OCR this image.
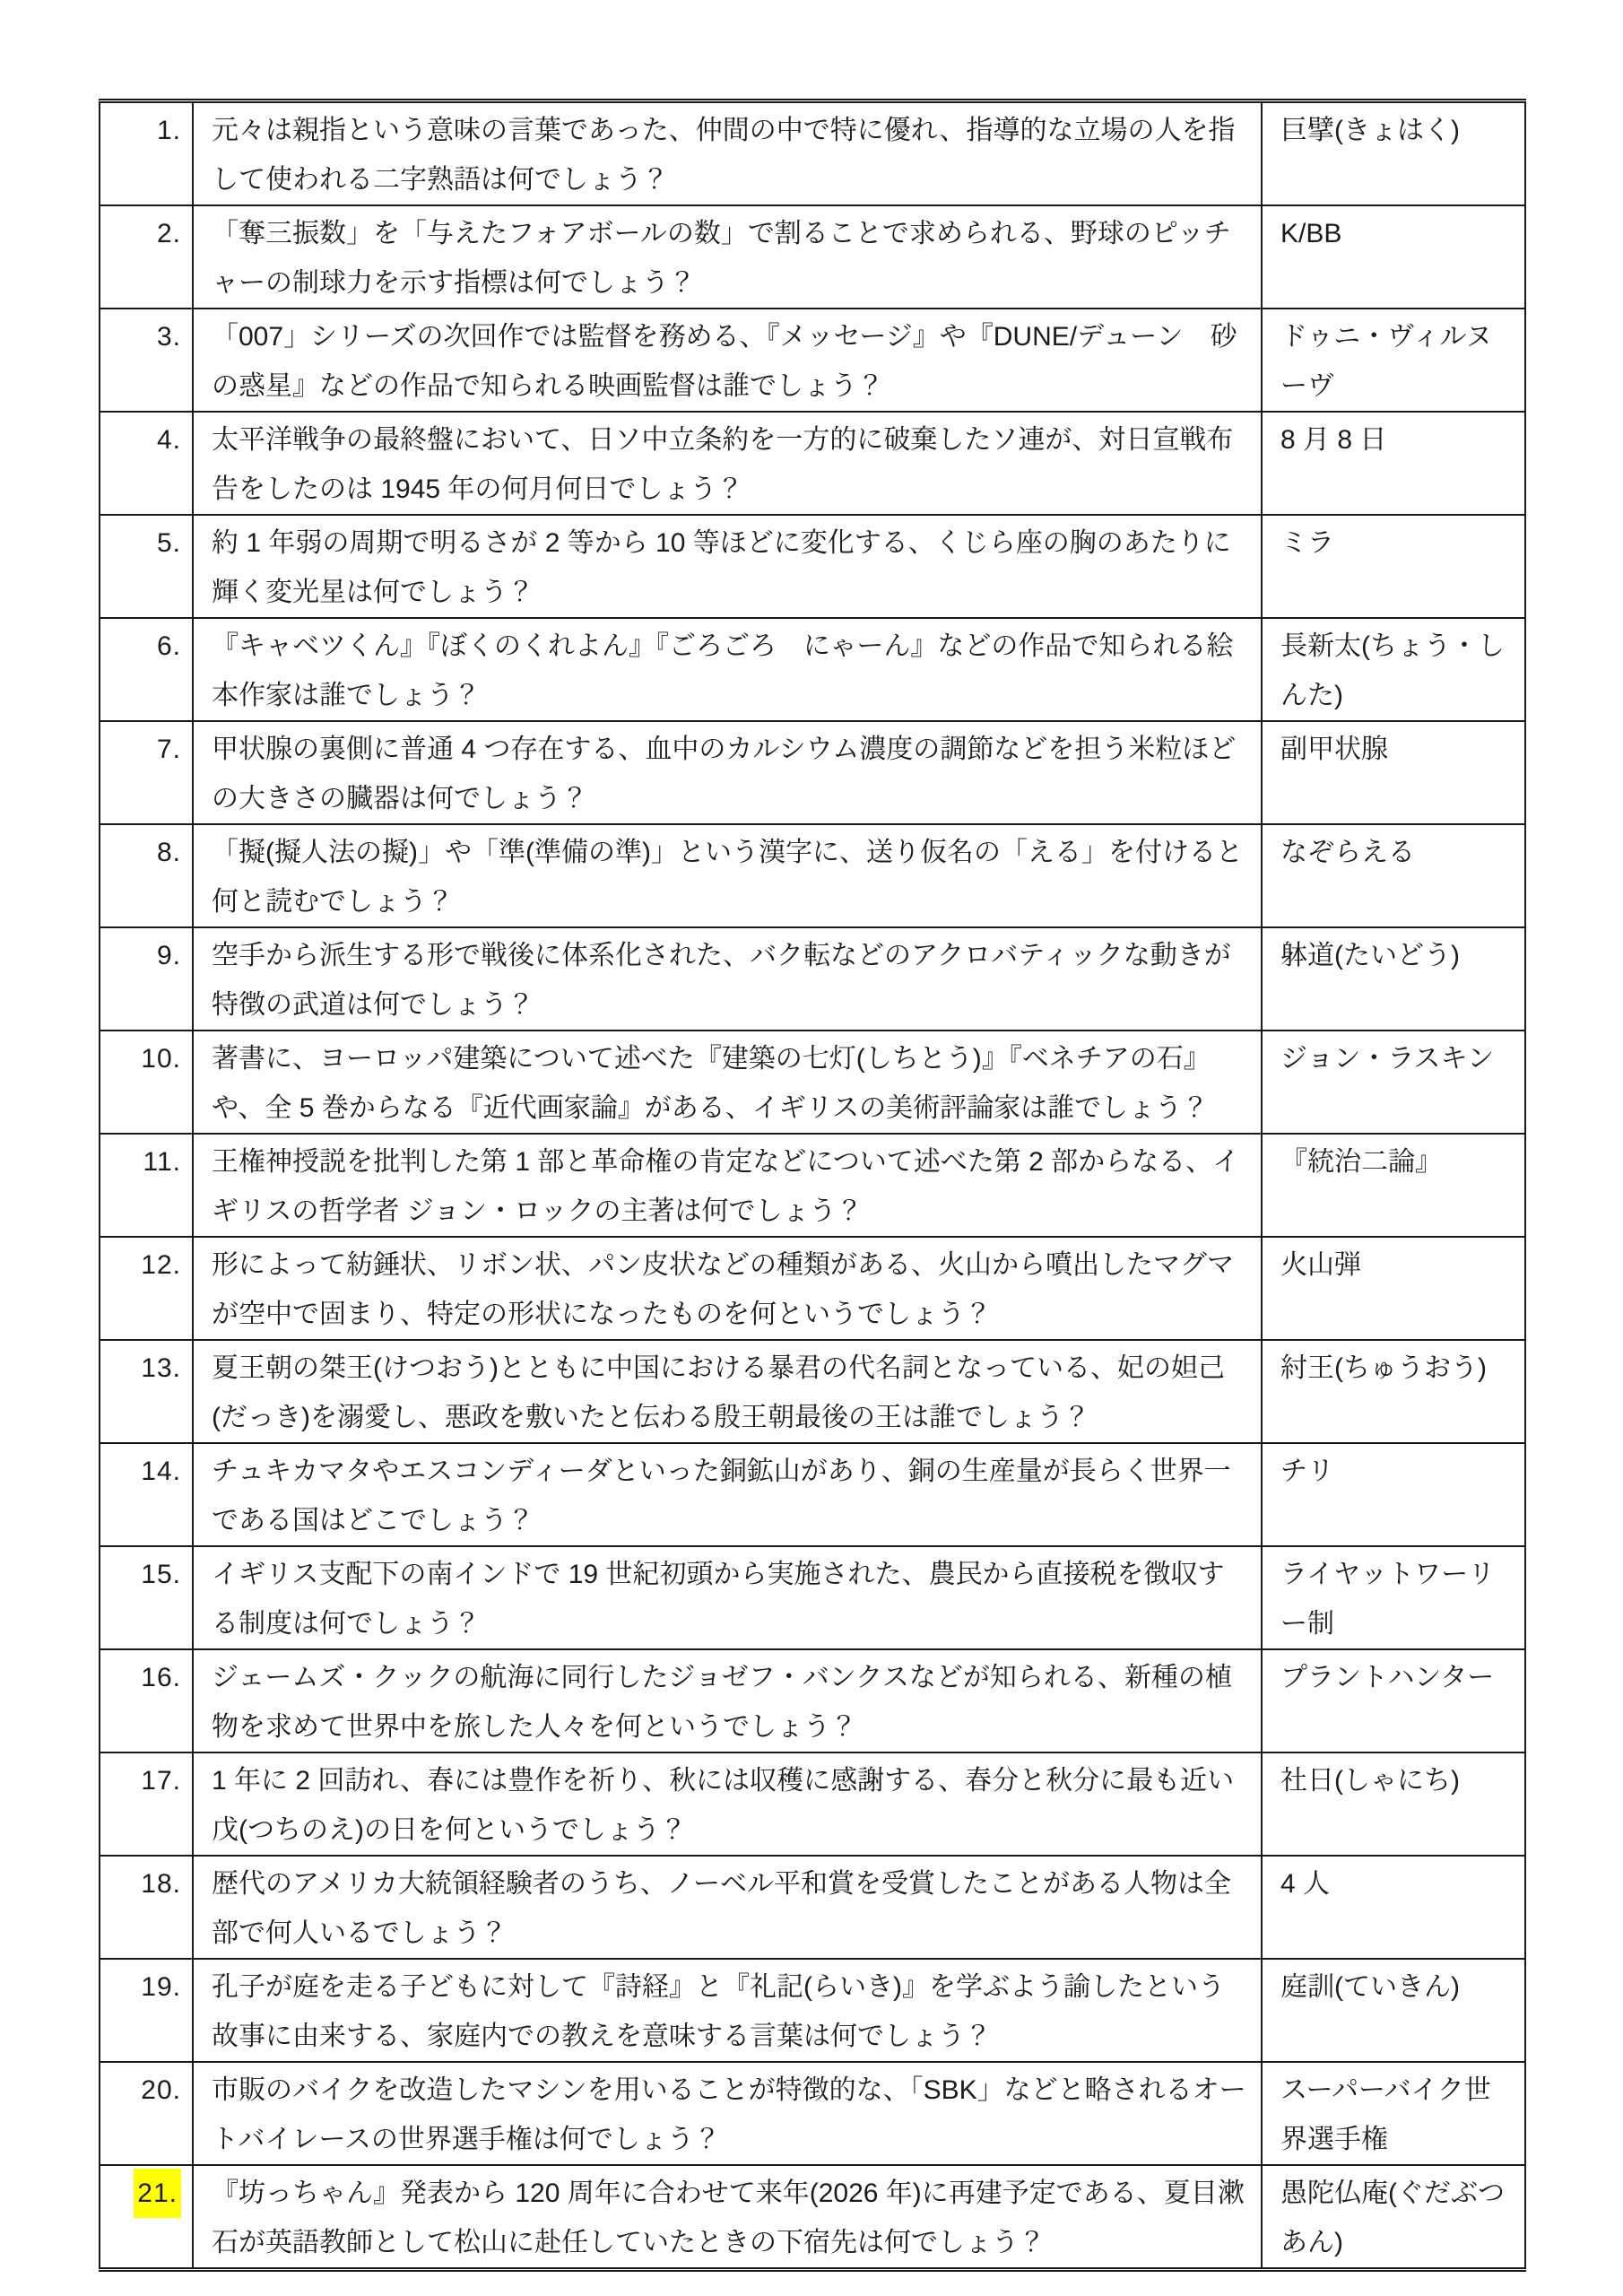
1.	元々は親指という意味の言葉であった、仲間の中で特に優れ、指導的な立場の人を指して使われる二字熟語は何でしょう？	巨擘(きょはく)
2.	「奪三振数」を「与えたフォアボールの数」で割ることで求められる、野球のピッチャーの制球力を示す指標は何でしょう？	K/BB
3.	「007」シリーズの次回作では監督を務める、『メッセージ』や『DUNE/デューン　砂の惑星』などの作品で知られる映画監督は誰でしょう？	ドゥニ・ヴィルヌーヴ
4.	太平洋戦争の最終盤において、日ソ中立条約を一方的に破棄したソ連が、対日宣戦布告をしたのは 1945 年の何月何日でしょう？	8 月 8 日
5.	約 1 年弱の周期で明るさが 2 等から 10 等ほどに変化する、くじら座の胸のあたりに輝く変光星は何でしょう？	ミラ
6.	『キャベツくん』『ぼくのくれよん』『ごろごろ　にゃーん』などの作品で知られる絵本作家は誰でしょう？	長新太(ちょう・しんた)
7.	甲状腺の裏側に普通 4 つ存在する、血中のカルシウム濃度の調節などを担う米粒ほどの大きさの臓器は何でしょう？	副甲状腺
8.	「擬(擬人法の擬)」や「準(準備の準)」という漢字に、送り仮名の「える」を付けると何と読むでしょう？	なぞらえる
9.	空手から派生する形で戦後に体系化された、バク転などのアクロバティックな動きが特徴の武道は何でしょう？	躰道(たいどう)
10.	著書に、ヨーロッパ建築について述べた『建築の七灯(しちとう)』『ベネチアの石』や、全 5 巻からなる『近代画家論』がある、イギリスの美術評論家は誰でしょう？	ジョン・ラスキン
11.	王権神授説を批判した第 1 部と革命権の肯定などについて述べた第 2 部からなる、イギリスの哲学者 ジョン・ロックの主著は何でしょう？	『統治二論』
12.	形によって紡錘状、リボン状、パン皮状などの種類がある、火山から噴出したマグマが空中で固まり、特定の形状になったものを何というでしょう？	火山弾
13.	夏王朝の桀王(けつおう)とともに中国における暴君の代名詞となっている、妃の妲己(だっき)を溺愛し、悪政を敷いたと伝わる殷王朝最後の王は誰でしょう？	紂王(ちゅうおう)
14.	チュキカマタやエスコンディーダといった銅鉱山があり、銅の生産量が長らく世界一である国はどこでしょう？	チリ
15.	イギリス支配下の南インドで 19 世紀初頭から実施された、農民から直接税を徴収する制度は何でしょう？	ライヤットワーリー制
16.	ジェームズ・クックの航海に同行したジョゼフ・バンクスなどが知られる、新種の植物を求めて世界中を旅した人々を何というでしょう？	プラントハンター
17.	1 年に 2 回訪れ、春には豊作を祈り、秋には収穫に感謝する、春分と秋分に最も近い戊(つちのえ)の日を何というでしょう？	社日(しゃにち)
18.	歴代のアメリカ大統領経験者のうち、ノーベル平和賞を受賞したことがある人物は全部で何人いるでしょう？	4 人
19.	孔子が庭を走る子どもに対して『詩経』と『礼記(らいき)』を学ぶよう諭したという故事に由来する、家庭内での教えを意味する言葉は何でしょう？	庭訓(ていきん)
20.	市販のバイクを改造したマシンを用いることが特徴的な、「SBK」などと略されるオートバイレースの世界選手権は何でしょう？	スーパーバイク世界選手権
21.	『坊っちゃん』発表から 120 周年に合わせて来年(2026 年)に再建予定である、夏目漱石が英語教師として松山に赴任していたときの下宿先は何でしょう？	愚陀仏庵(ぐだぶつあん)
